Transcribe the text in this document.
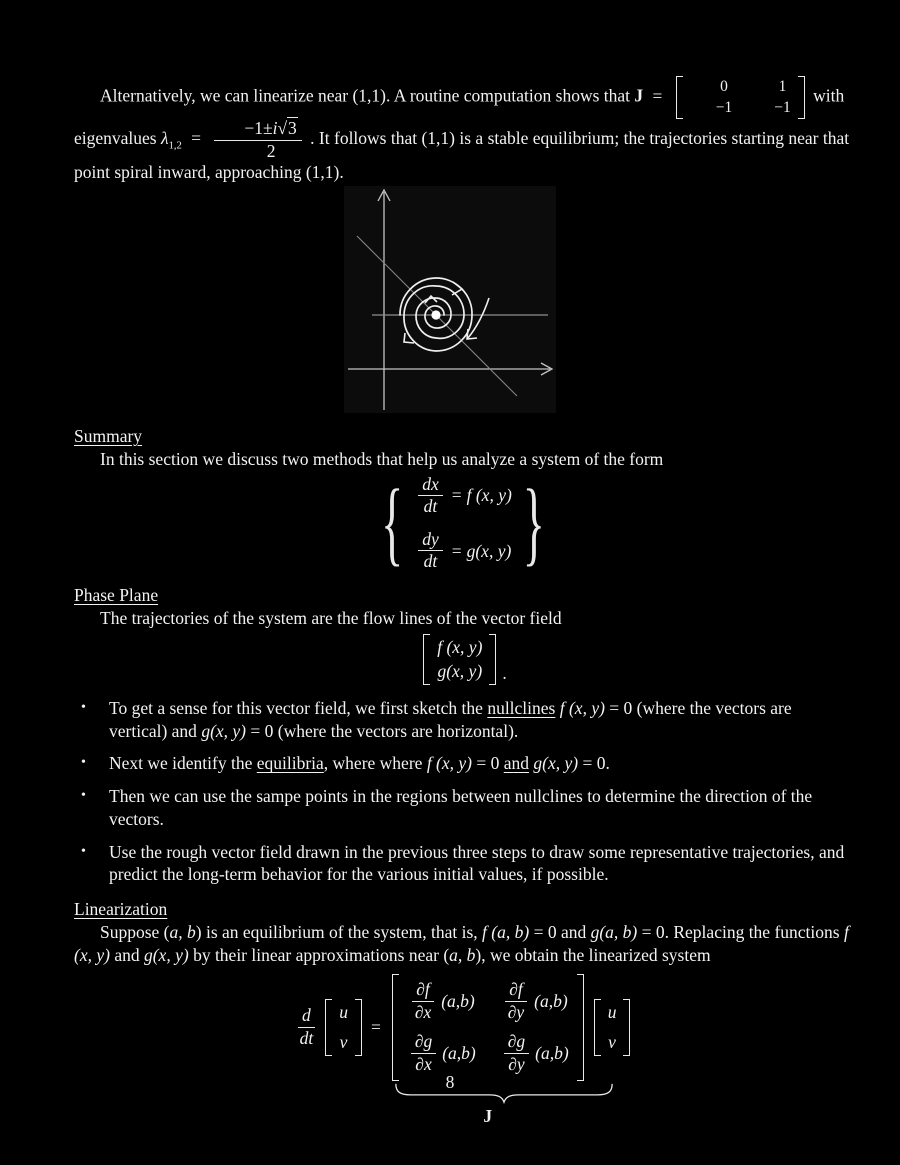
Alternatively, we can linearize near (1,1). A routine computation shows that J =	0	1
−1	−1
with eigenvalues $\lambda_{1,2} = \frac{-1\pm i√3}{2}$ . It follows that (1,1) is a stable equilibrium; the trajectories starting near that point spiral inward, approaching (1,1).

Summary

In this section we discuss two methods that help us analyze a system of the form

{ $\frac{dx}{dt} = f$ (x, y)
$\frac{dy}{dt} = g(x$, y) }
Phase Plane

The trajectories of the system are the flow lines of the vector field

f (x, y)
g(x, y) .
•	To get a sense for this vector field, we first sketch the nullclines f (x, y) = 0 (where the vectors are vertical) and g(x, y) = 0 (where the vectors are horizontal).
•	Next we identify the equilibria, where where f (x, y) = 0 and g(x, y) = 0.
•	Then we can use the sampe points in the regions between nullclines to determine the direction of the vectors.
•	Use the rough vector field drawn in the previous three steps to draw some representative trajectories, and predict the long-term behavior for the various initial values, if possible.
Linearization

Suppose (a, b) is an equilibrium of the system, that is, f (a, b) = 0 and g(a, b) = 0. Replacing the functions f (x, y) and g(x, y) by their linear approximations near (a, b), we obtain the linearized system

$\frac{d}{dt}$ u
v
=
$\frac{\partial f}{\partial x} (a,b) \frac{\partial f}{\partial y} (a,b)$
$\frac{\partial g}{\partial x} (a,b) \frac{\partial g}{\partial y} (a,b)$
J
u
v
8
